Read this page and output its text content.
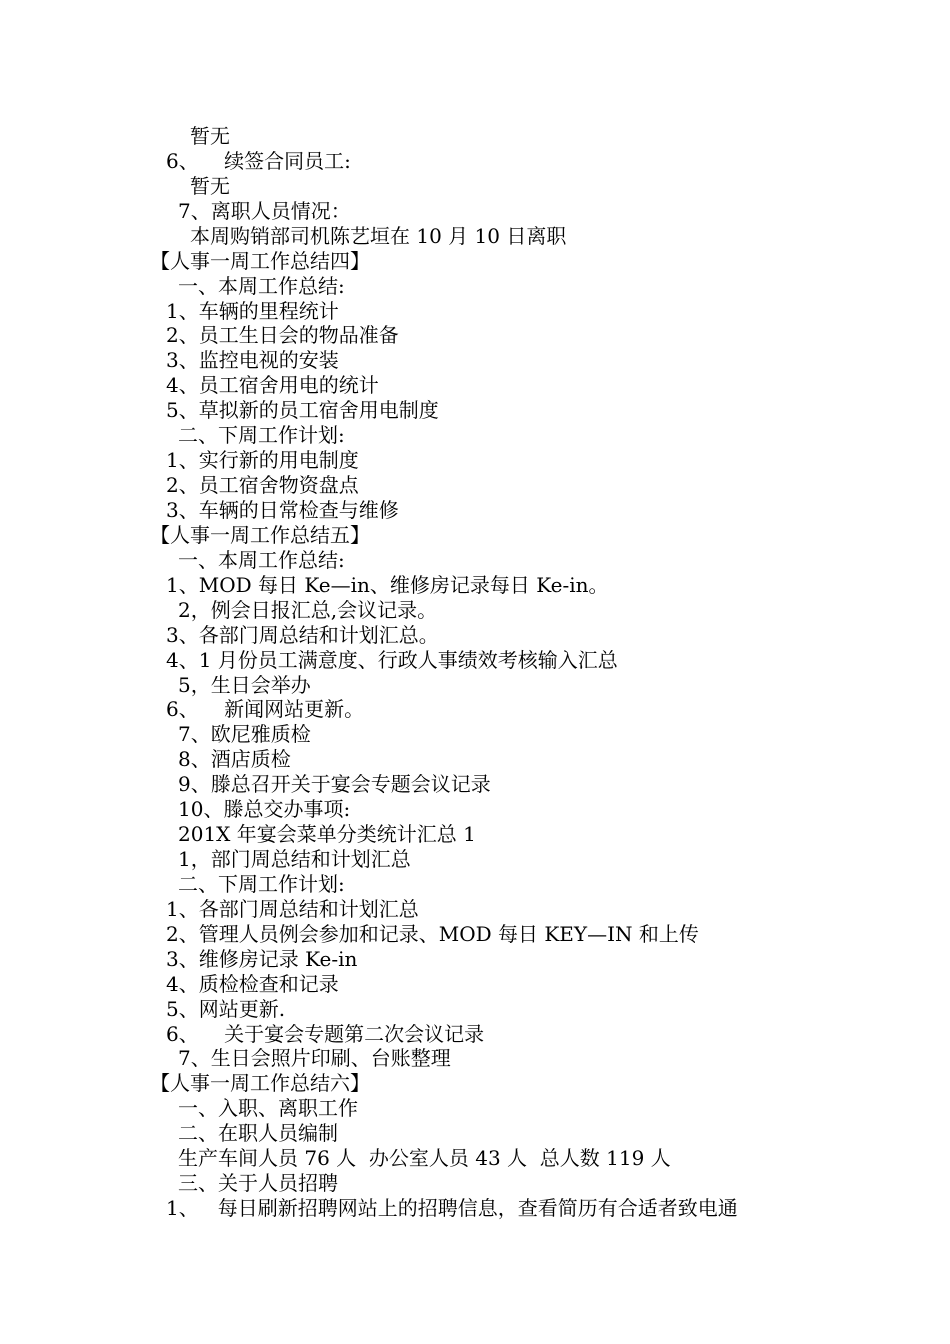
暂无
6、    续签合同员工:
暂无
7、离职人员情况：
本周购销部司机陈艺垣在 10 月 10 日离职
【人事一周工作总结四】
一、本周工作总结:
1、车辆的里程统计
2、员工生日会的物品准备
3、监控电视的安装
4、员工宿舍用电的统计
5、草拟新的员工宿舍用电制度
二、下周工作计划:
1、实行新的用电制度
2、员工宿舍物资盘点
3、车辆的日常检查与维修
【人事一周工作总结五】
一、本周工作总结:
1、MOD 每日 Ke—in、维修房记录每日 Ke-in。
2，例会日报汇总,会议记录。
3、各部门周总结和计划汇总。
4、1 月份员工满意度、行政人事绩效考核输入汇总
5，生日会举办
6、    新闻网站更新。
7、欧尼雅质检
8、酒店质检
9、滕总召开关于宴会专题会议记录
10、滕总交办事项:
201X 年宴会菜单分类统计汇总 1
1，部门周总结和计划汇总
二、下周工作计划:
1、各部门周总结和计划汇总
2、管理人员例会参加和记录、MOD 每日 KEY—IN 和上传
3、维修房记录 Ke-in
4、质检检查和记录
5、网站更新.
6、    关于宴会专题第二次会议记录
7、生日会照片印刷、台账整理
【人事一周工作总结六】
一、入职、离职工作
二、在职人员编制
生产车间人员 76 人  办公室人员 43 人  总人数 119 人
三、关于人员招聘
1、   每日刷新招聘网站上的招聘信息，查看简历有合适者致电通
